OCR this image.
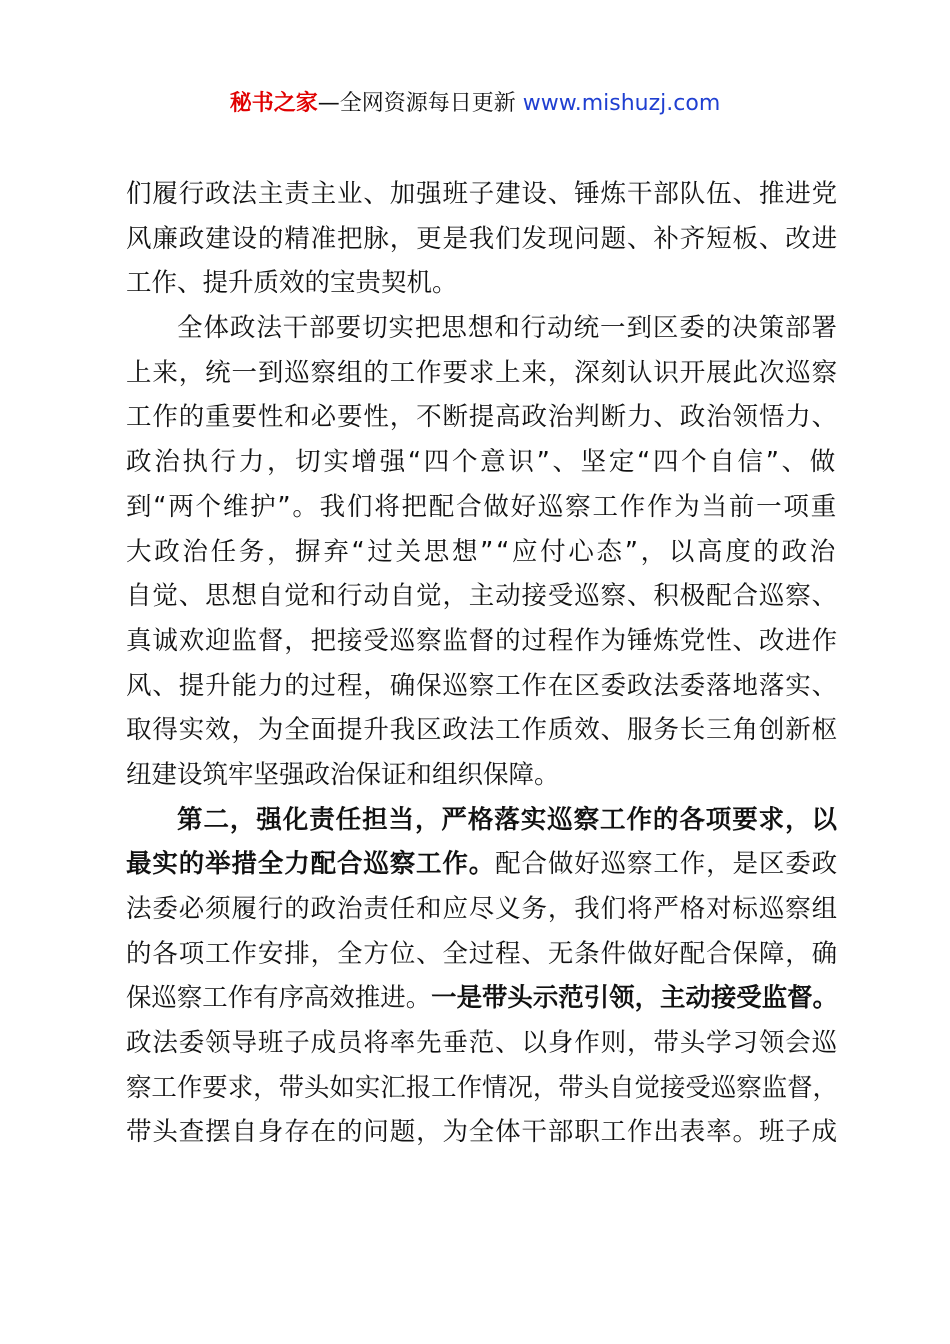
秘书之家—全网资源每日更新 www.mishuzj.com
们履行政法主责主业、加强班子建设、锤炼干部队伍、推进党
风廉政建设的精准把脉，更是我们发现问题、补齐短板、改进
工作、提升质效的宝贵契机。
全体政法干部要切实把思想和行动统一到区委的决策部署
上来，统一到巡察组的工作要求上来，深刻认识开展此次巡察
工作的重要性和必要性，不断提高政治判断力、政治领悟力、
政治执行力，切实增强“四个意识”、坚定“四个自信”、做
到“两个维护”。我们将把配合做好巡察工作作为当前一项重
大政治任务，摒弃“过关思想”“应付心态”，以高度的政治
自觉、思想自觉和行动自觉，主动接受巡察、积极配合巡察、
真诚欢迎监督，把接受巡察监督的过程作为锤炼党性、改进作
风、提升能力的过程，确保巡察工作在区委政法委落地落实、
取得实效，为全面提升我区政法工作质效、服务长三角创新枢
纽建设筑牢坚强政治保证和组织保障。
第二，强化责任担当，严格落实巡察工作的各项要求，以
最实的举措全力配合巡察工作。配合做好巡察工作，是区委政
法委必须履行的政治责任和应尽义务，我们将严格对标巡察组
的各项工作安排，全方位、全过程、无条件做好配合保障，确
保巡察工作有序高效推进。一是带头示范引领，主动接受监督。
政法委领导班子成员将率先垂范、以身作则，带头学习领会巡
察工作要求，带头如实汇报工作情况，带头自觉接受巡察监督，
带头查摆自身存在的问题，为全体干部职工作出表率。班子成
